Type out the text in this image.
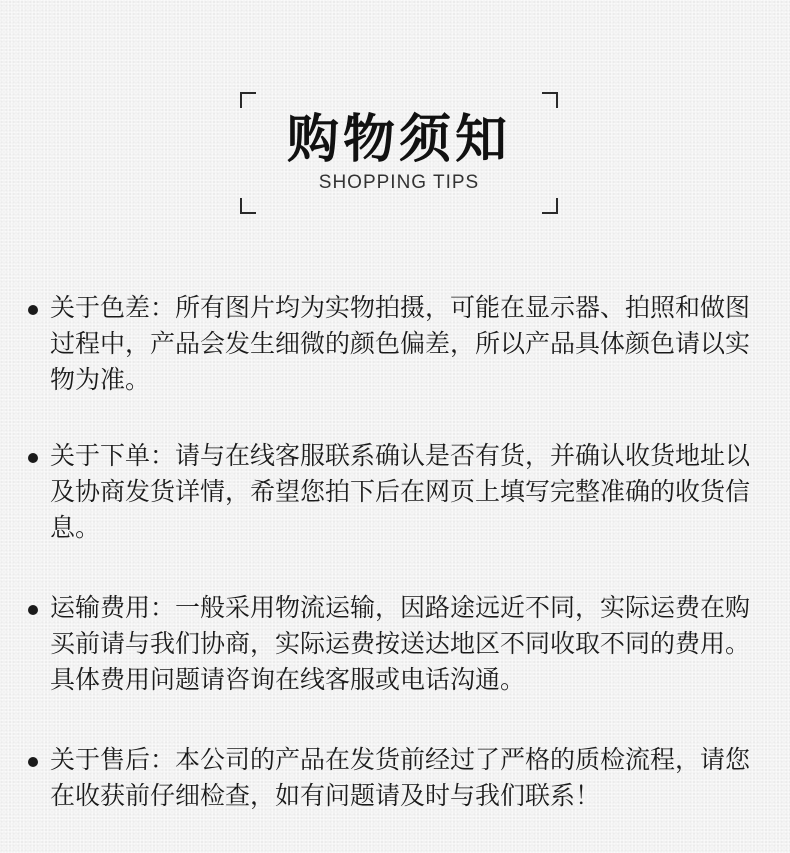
购物须知
SHOPPING TIPS
关于色差：所有图片均为实物拍摄，可能在显示器、拍照和做图过程中，产品会发生细微的颜色偏差，所以产品具体颜色请以实物为准。
关于下单：请与在线客服联系确认是否有货，并确认收货地址以及协商发货详情，希望您拍下后在网页上填写完整准确的收货信息。
运输费用：一般采用物流运输，因路途远近不同，实际运费在购买前请与我们协商，实际运费按送达地区不同收取不同的费用。具体费用问题请咨询在线客服或电话沟通。
关于售后：本公司的产品在发货前经过了严格的质检流程，请您在收获前仔细检查，如有问题请及时与我们联系！
